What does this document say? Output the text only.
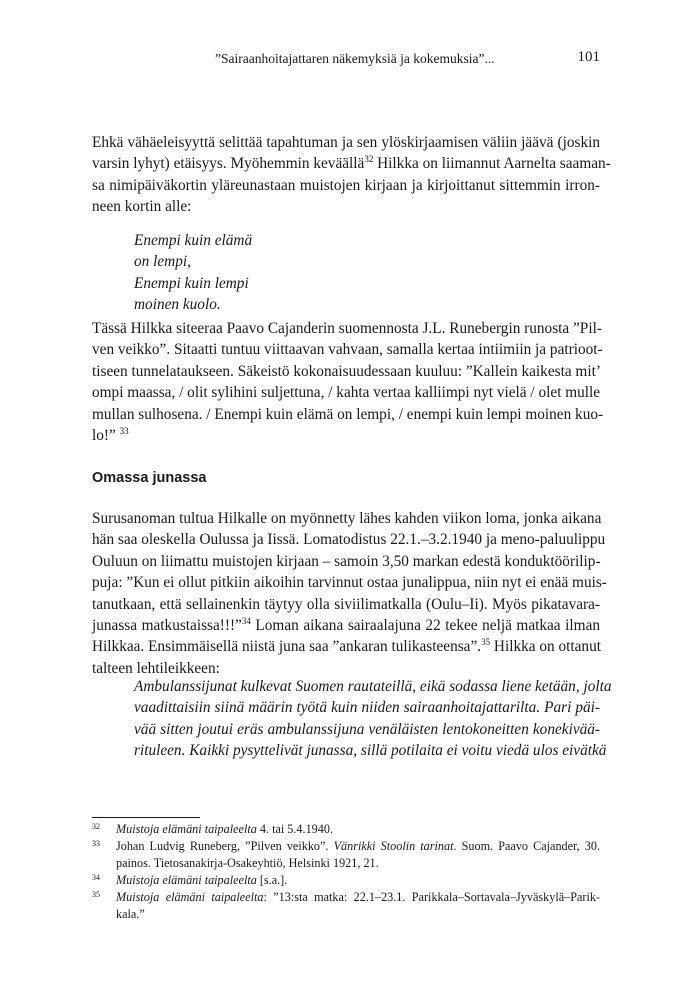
”Sairaanhoitajattaren näkemyksiä ja kokemuksia”...	101
Ehkä vähäeleisyyttä selittää tapahtuman ja sen ylöskirjaamisen väliin jäävä (joskin
varsin lyhyt) etäisyys. Myöhemmin keväällä$^{32}$ Hilkka on liimannut Aarnelta saaman-
sa nimipäiväkortin yläreunastaan muistojen kirjaan ja kirjoittanut sittemmin irron-
neen kortin alle:
Enempi kuin elämä
on lempi,
Enempi kuin lempi
moinen kuolo.
Tässä Hilkka siteeraa Paavo Cajanderin suomennosta J.L. Runebergin runosta ”Pil-
ven veikko”. Sitaatti tuntuu viittaavan vahvaan, samalla kertaa intiimiin ja patrioot-
tiseen tunnelataukseen. Säkeistö kokonaisuudessaan kuuluu: ”Kallein kaikesta mit’
ompi maassa, / olit sylihini suljettuna, / kahta vertaa kalliimpi nyt vielä / olet mulle
mullan sulhosena. / Enempi kuin elämä on lempi, / enempi kuin lempi moinen kuo-
lo!” $^{33}$
Omassa junassa
Surusanoman tultua Hilkalle on myönnetty lähes kahden viikon loma, jonka aikana
hän saa oleskella Oulussa ja Iissä. Lomatodistus 22.1.–3.2.1940 ja meno-paluulippu
Ouluun on liimattu muistojen kirjaan – samoin 3,50 markan edestä konduktöörilip-
puja: ”Kun ei ollut pitkiin aikoihin tarvinnut ostaa junalippua, niin nyt ei enää muis-
tanutkaan, että sellainenkin täytyy olla siviilimatkalla (Oulu–Ii). Myös pikatavara-
junassa matkustaissa!!!”$^{34}$ Loman aikana sairaalajuna 22 tekee neljä matkaa ilman
Hilkkaa. Ensimmäisellä niistä juna saa ”ankaran tulikasteensa”.$^{35}$ Hilkka on ottanut
talteen lehtileikkeen:
Ambulanssijunat kulkevat Suomen rautateillä, eikä sodassa liene ketään, jolta
vaadittaisiin siinä määrin työtä kuin niiden sairaanhoitajattarilta. Pari päi-
vää sitten joutui eräs ambulanssijuna venäläisten lentokoneitten konekivää-
rituleen. Kaikki pysyttelivät junassa, sillä potilaita ei voitu viedä ulos eivätkä
32 Muistoja elämäni taipaleelta 4. tai 5.4.1940.
33 Johan Ludvig Runeberg, ”Pilven veikko”. Vänrikki Stoolin tarinat. Suom. Paavo Cajander, 30.
painos. Tietosanakirja-Osakeyhtiö, Helsinki 1921, 21.
34 Muistoja elämäni taipaleelta [s.a.].
35 Muistoja elämäni taipaleelta: ”13:sta matka: 22.1–23.1. Parikkala–Sortavala–Jyväskylä–Parik-
kala.”
